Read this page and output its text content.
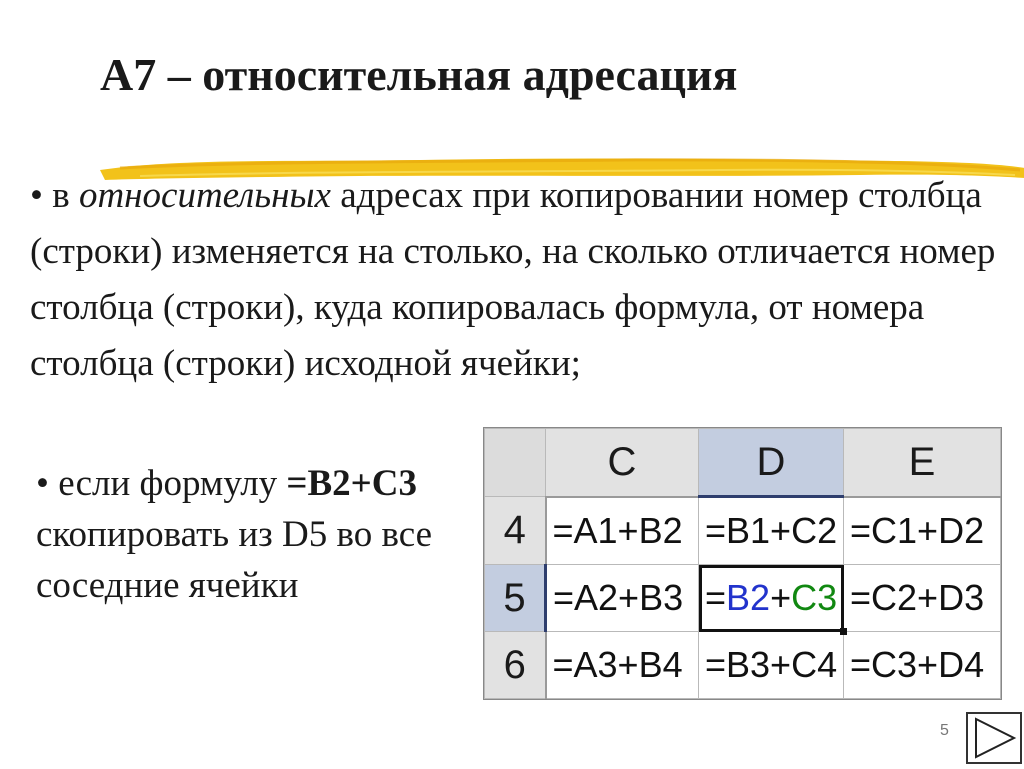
А7 – относительная адресация
• в относительных адресах при копировании номер столбца (строки) изменяется на столько, на сколько отличается номер столбца (строки), куда копировалась формула, от номера столбца (строки) исходной ячейки;
• если формулу =B2+C3 скопировать из D5 во все соседние ячейки
	C	D	E
4	=A1+B2	=B1+C2	=C1+D2
5	=A2+B3	=B2+C3	=C2+D3
6	=A3+B4	=B3+C4	=C3+D4
5
